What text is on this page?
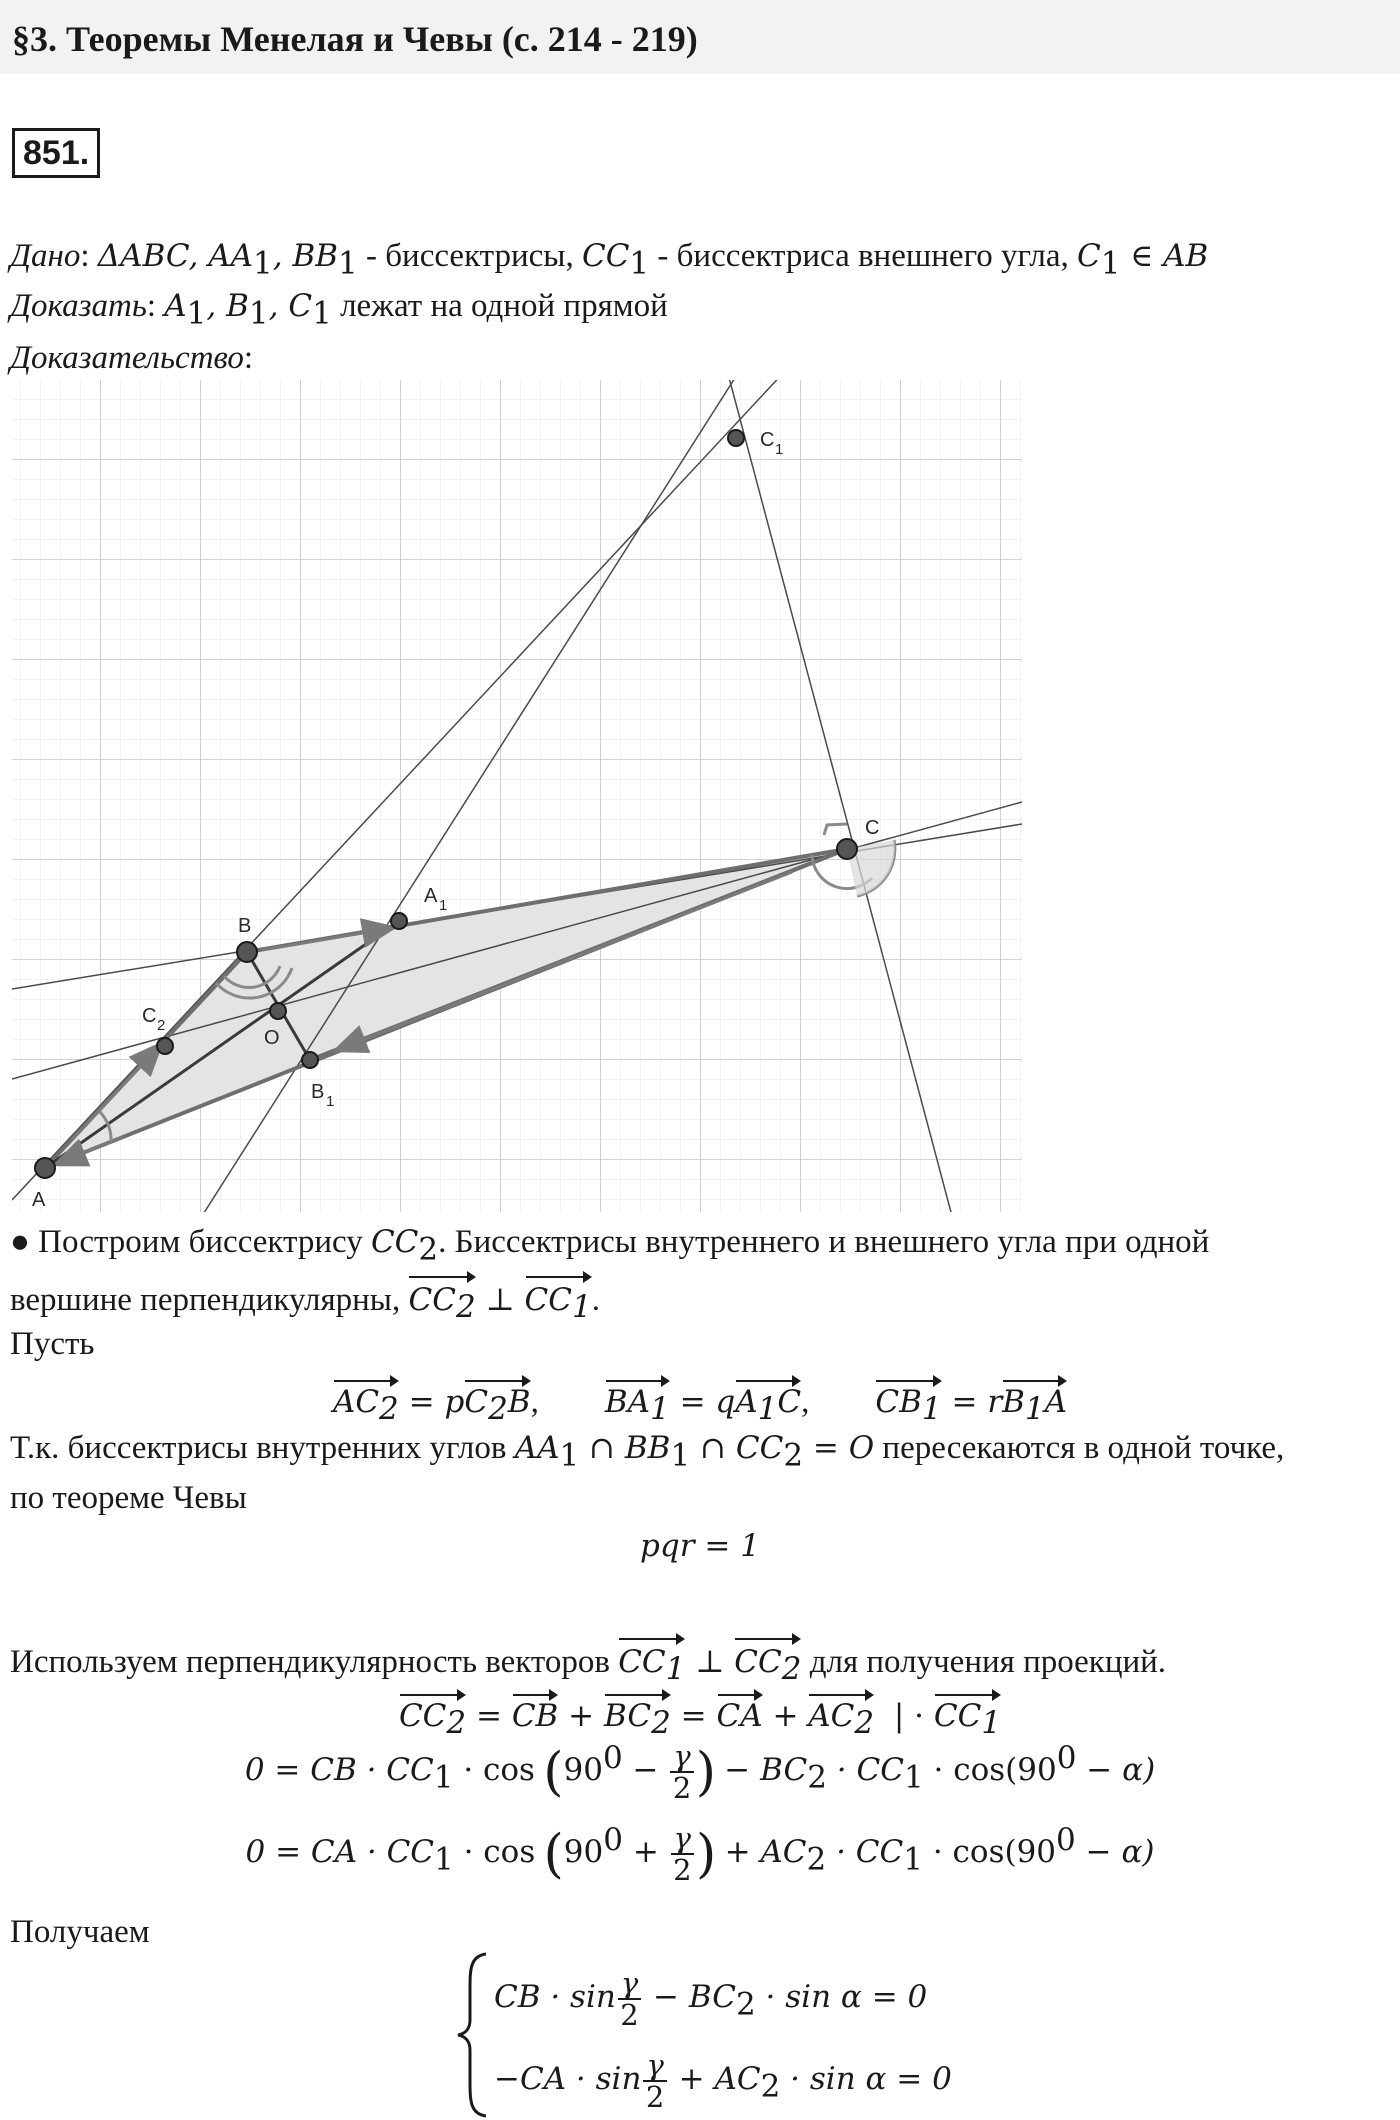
§3. Теоремы Менелая и Чевы (с. 214 - 219)
851.
Дано: ΔABC, $AA_1$, $BB_1$ - биссектрисы, $CC_1$ - биссектриса внешнего угла, $C_1$ ∈ AB
Доказать: $A_1$, $B_1$, $C_1$ лежат на одной прямой
Доказательство:
A
B
C
O
A 1
B 1
C 1
C 2
● Построим биссектрису $CC_2$. Биссектрисы внутреннего и внешнего угла при одной
вершине перпендикулярны, $CC_2$ ⊥ $CC_1$.
Пусть
$AC_2 = pC_2B$,        $BA_1 = qA_1C$,        $CB_1 = rB_1A$
Т.к. биссектрисы внутренних углов $AA_1$ ∩ $BB_1$ ∩ $CC_2 = O$ пересекаются в одной точке,
по теореме Чевы
pqr = 1
Используем перпендикулярность векторов $CC_1$ ⊥ $CC_2$ для получения проекций.
$CC_2$ = CB + $BC_2$ = CA + $AC_2$  | · $CC_1$
0 = CB · $CC_1 \cdot \cos (90^0 - \frac{\gamma}{2}$ ) − $BC_2 \cdot CC_1 \cdot \cos(90^0 - \alpha)$
0 = CA · $CC_1 \cdot \cos (90^0 + \frac{\gamma}{2}$ ) + $AC_2 \cdot CC_1 \cdot \cos(90^0 - \alpha)$
Получаем
CB · $\sin \frac{\gamma}{2} - BC_2 \cdot \sin \alpha = 0$
$-CA \cdot \sin \frac{\gamma}{2} + AC_2 \cdot \sin \alpha = 0$
